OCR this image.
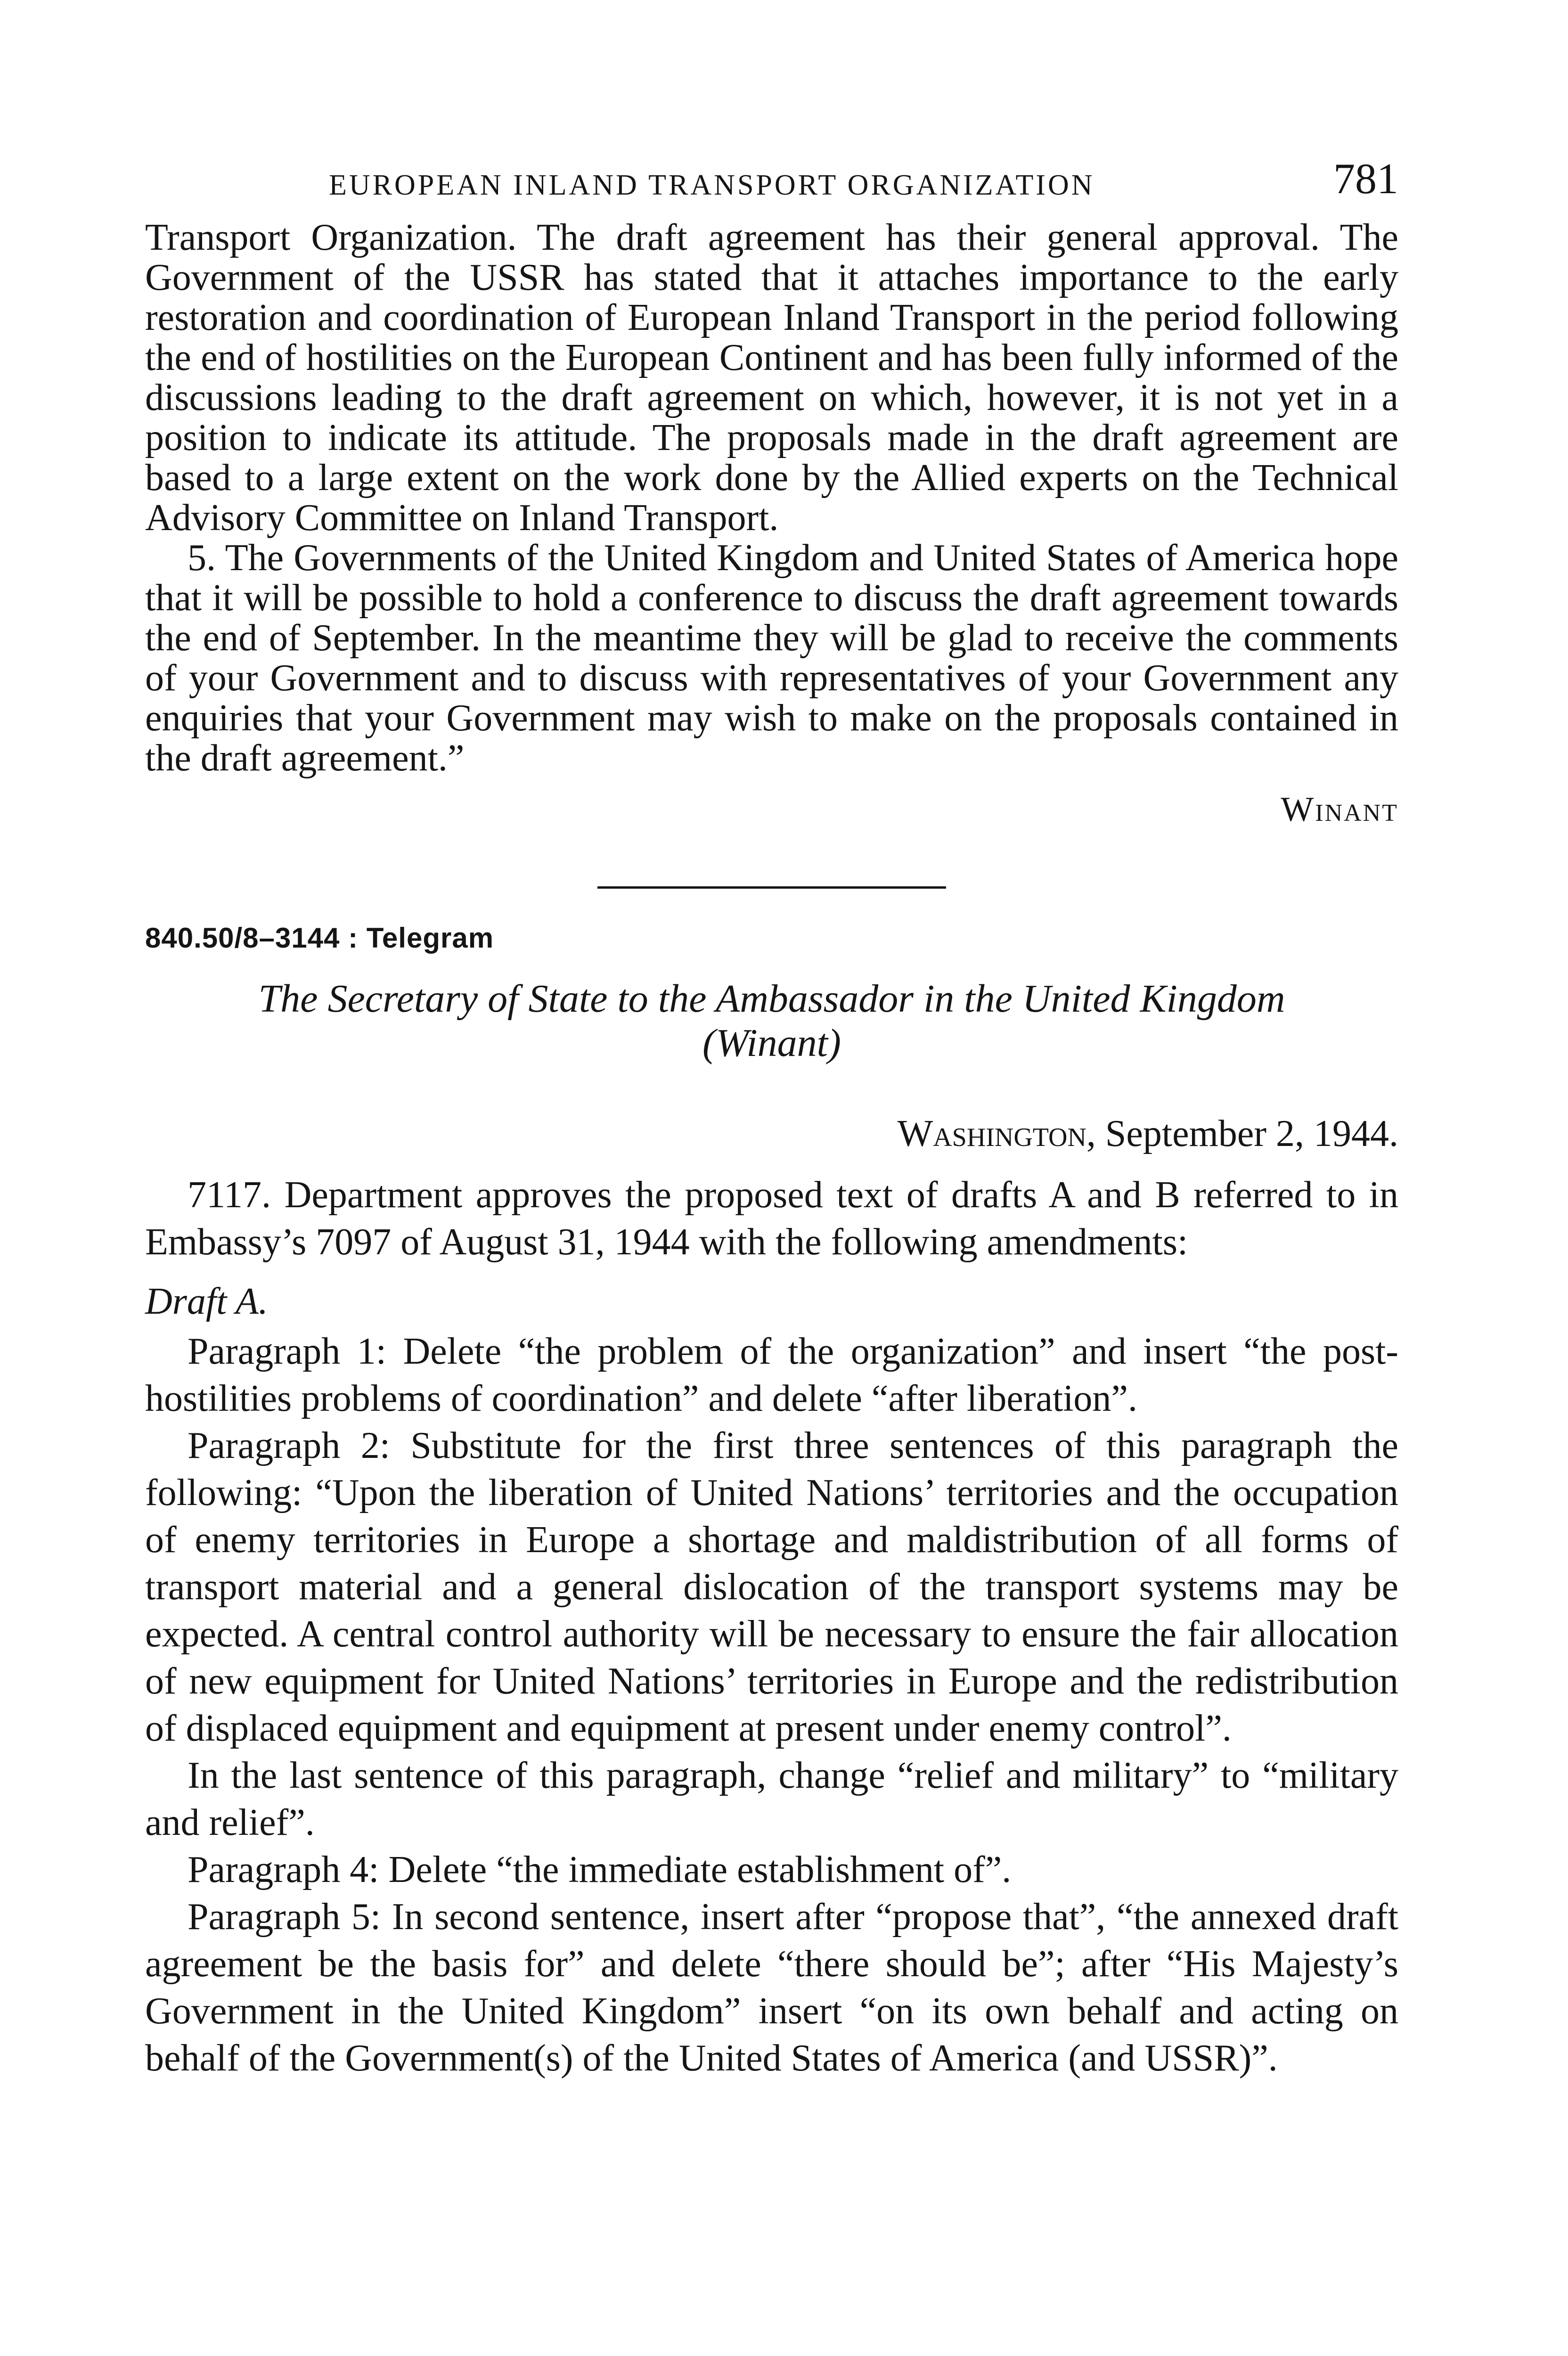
EUROPEAN INLAND TRANSPORT ORGANIZATION	781

Transport Organization. The draft agreement has their general approval. The Government of the USSR has stated that it attaches importance to the early restoration and coordination of European Inland Transport in the period following the end of hostilities on the European Continent and has been fully informed of the discussions leading to the draft agreement on which, however, it is not yet in a position to indicate its attitude. The proposals made in the draft agreement are based to a large extent on the work done by the Allied experts on the Technical Advisory Committee on Inland Transport.

5. The Governments of the United Kingdom and United States of America hope that it will be possible to hold a conference to discuss the draft agreement towards the end of September. In the meantime they will be glad to receive the comments of your Government and to discuss with representatives of your Government any enquiries that your Government may wish to make on the proposals contained in the draft agreement.”

Winant
840.50/8–3144 : Telegram
The Secretary of State to the Ambassador in the United Kingdom
(Winant)
Washington, September 2, 1944.

7117. Department approves the proposed text of drafts A and B referred to in Embassy’s 7097 of August 31, 1944 with the following amendments:

Draft A.

Paragraph 1: Delete “the problem of the organization” and insert “the post-hostilities problems of coordination” and delete “after liberation”.

Paragraph 2: Substitute for the first three sentences of this paragraph the following: “Upon the liberation of United Nations’ territories and the occupation of enemy territories in Europe a shortage and maldistribution of all forms of transport material and a general dislocation of the transport systems may be expected. A central control authority will be necessary to ensure the fair allocation of new equipment for United Nations’ territories in Europe and the redistribution of displaced equipment and equipment at present under enemy control”.

In the last sentence of this paragraph, change “relief and military” to “military and relief”.

Paragraph 4: Delete “the immediate establishment of”.

Paragraph 5: In second sentence, insert after “propose that”, “the annexed draft agreement be the basis for” and delete “there should be”; after “His Majesty’s Government in the United Kingdom” insert “on its own behalf and acting on behalf of the Government(s) of the United States of America (and USSR)”.
